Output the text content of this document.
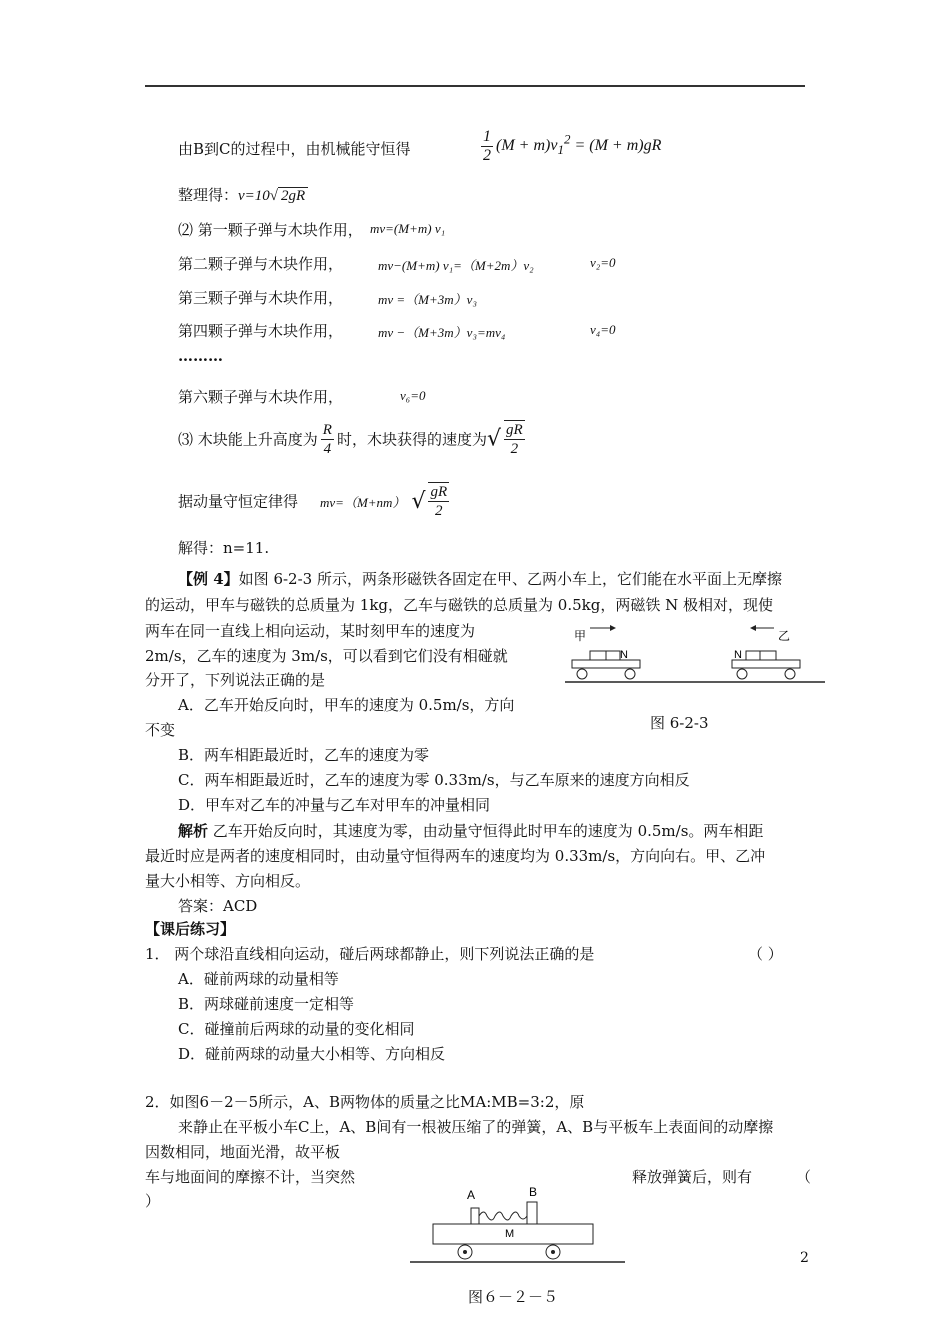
由B到C的过程中，由机械能守恒得	$\frac{1}{2} (M + m)v_1^2 = (M + m)gR$
整理得：v=10√ 2gR
⑵ 第一颗子弹与木块作用， mv=(M+m) v₁
第二颗子弹与木块作用，	mv−(M+m) v₁=（M+2m）v₂	v₂=0
第三颗子弹与木块作用，	mv =（M+3m）v₃
第四颗子弹与木块作用，	mv −（M+3m）v₃=mv₄	v₄=0
………
第六颗子弹与木块作用，	v₆=0
⑶ 木块能上升高度为 $\frac{R}{4}$ 时，木块获得的速度为√ $\frac{gR}{2}$
据动量守恒定律得 mv=（M+nm） √ $\frac{gR}{2}$
解得：n=11.
【例 4】如图 6-2-3 所示，两条形磁铁各固定在甲、乙两小车上，它们能在水平面上无摩擦
的运动，甲车与磁铁的总质量为 1kg，乙车与磁铁的总质量为 0.5kg，两磁铁 N 极相对，现使
两车在同一直线上相向运动，某时刻甲车的速度为
2m/s，乙车的速度为 3m/s，可以看到它们没有相碰就
分开了，下列说法正确的是
A．乙车开始反向时，甲车的速度为 0.5m/s，方向
不变
B．两车相距最近时，乙车的速度为零
C．两车相距最近时，乙车的速度为零 0.33m/s，与乙车原来的速度方向相反
D．甲车对乙车的冲量与乙车对甲车的冲量相同
甲
N
乙
N
图 6-2-3
解析 乙车开始反向时，其速度为零，由动量守恒得此时甲车的速度为 0.5m/s。两车相距
最近时应是两者的速度相同时，由动量守恒得两车的速度均为 0.33m/s，方向向右。甲、乙冲
量大小相等、方向相反。
答案：ACD
【课后练习】
1． 两个球沿直线相向运动，碰后两球都静止，则下列说法正确的是	（ ）
A．碰前两球的动量相等
B．两球碰前速度一定相等
C．碰撞前后两球的动量的变化相同
D．碰前两球的动量大小相等、方向相反
2．如图6－2－5所示，A、B两物体的质量之比MA:MB=3:2，原
来静止在平板小车C上，A、B间有一根被压缩了的弹簧，A、B与平板车上表面间的动摩擦
因数相同，地面光滑，故平板
车与地面间的摩擦不计，当突然	释放弹簧后，则有	（
）	A	B
M
2
图６－２－５
